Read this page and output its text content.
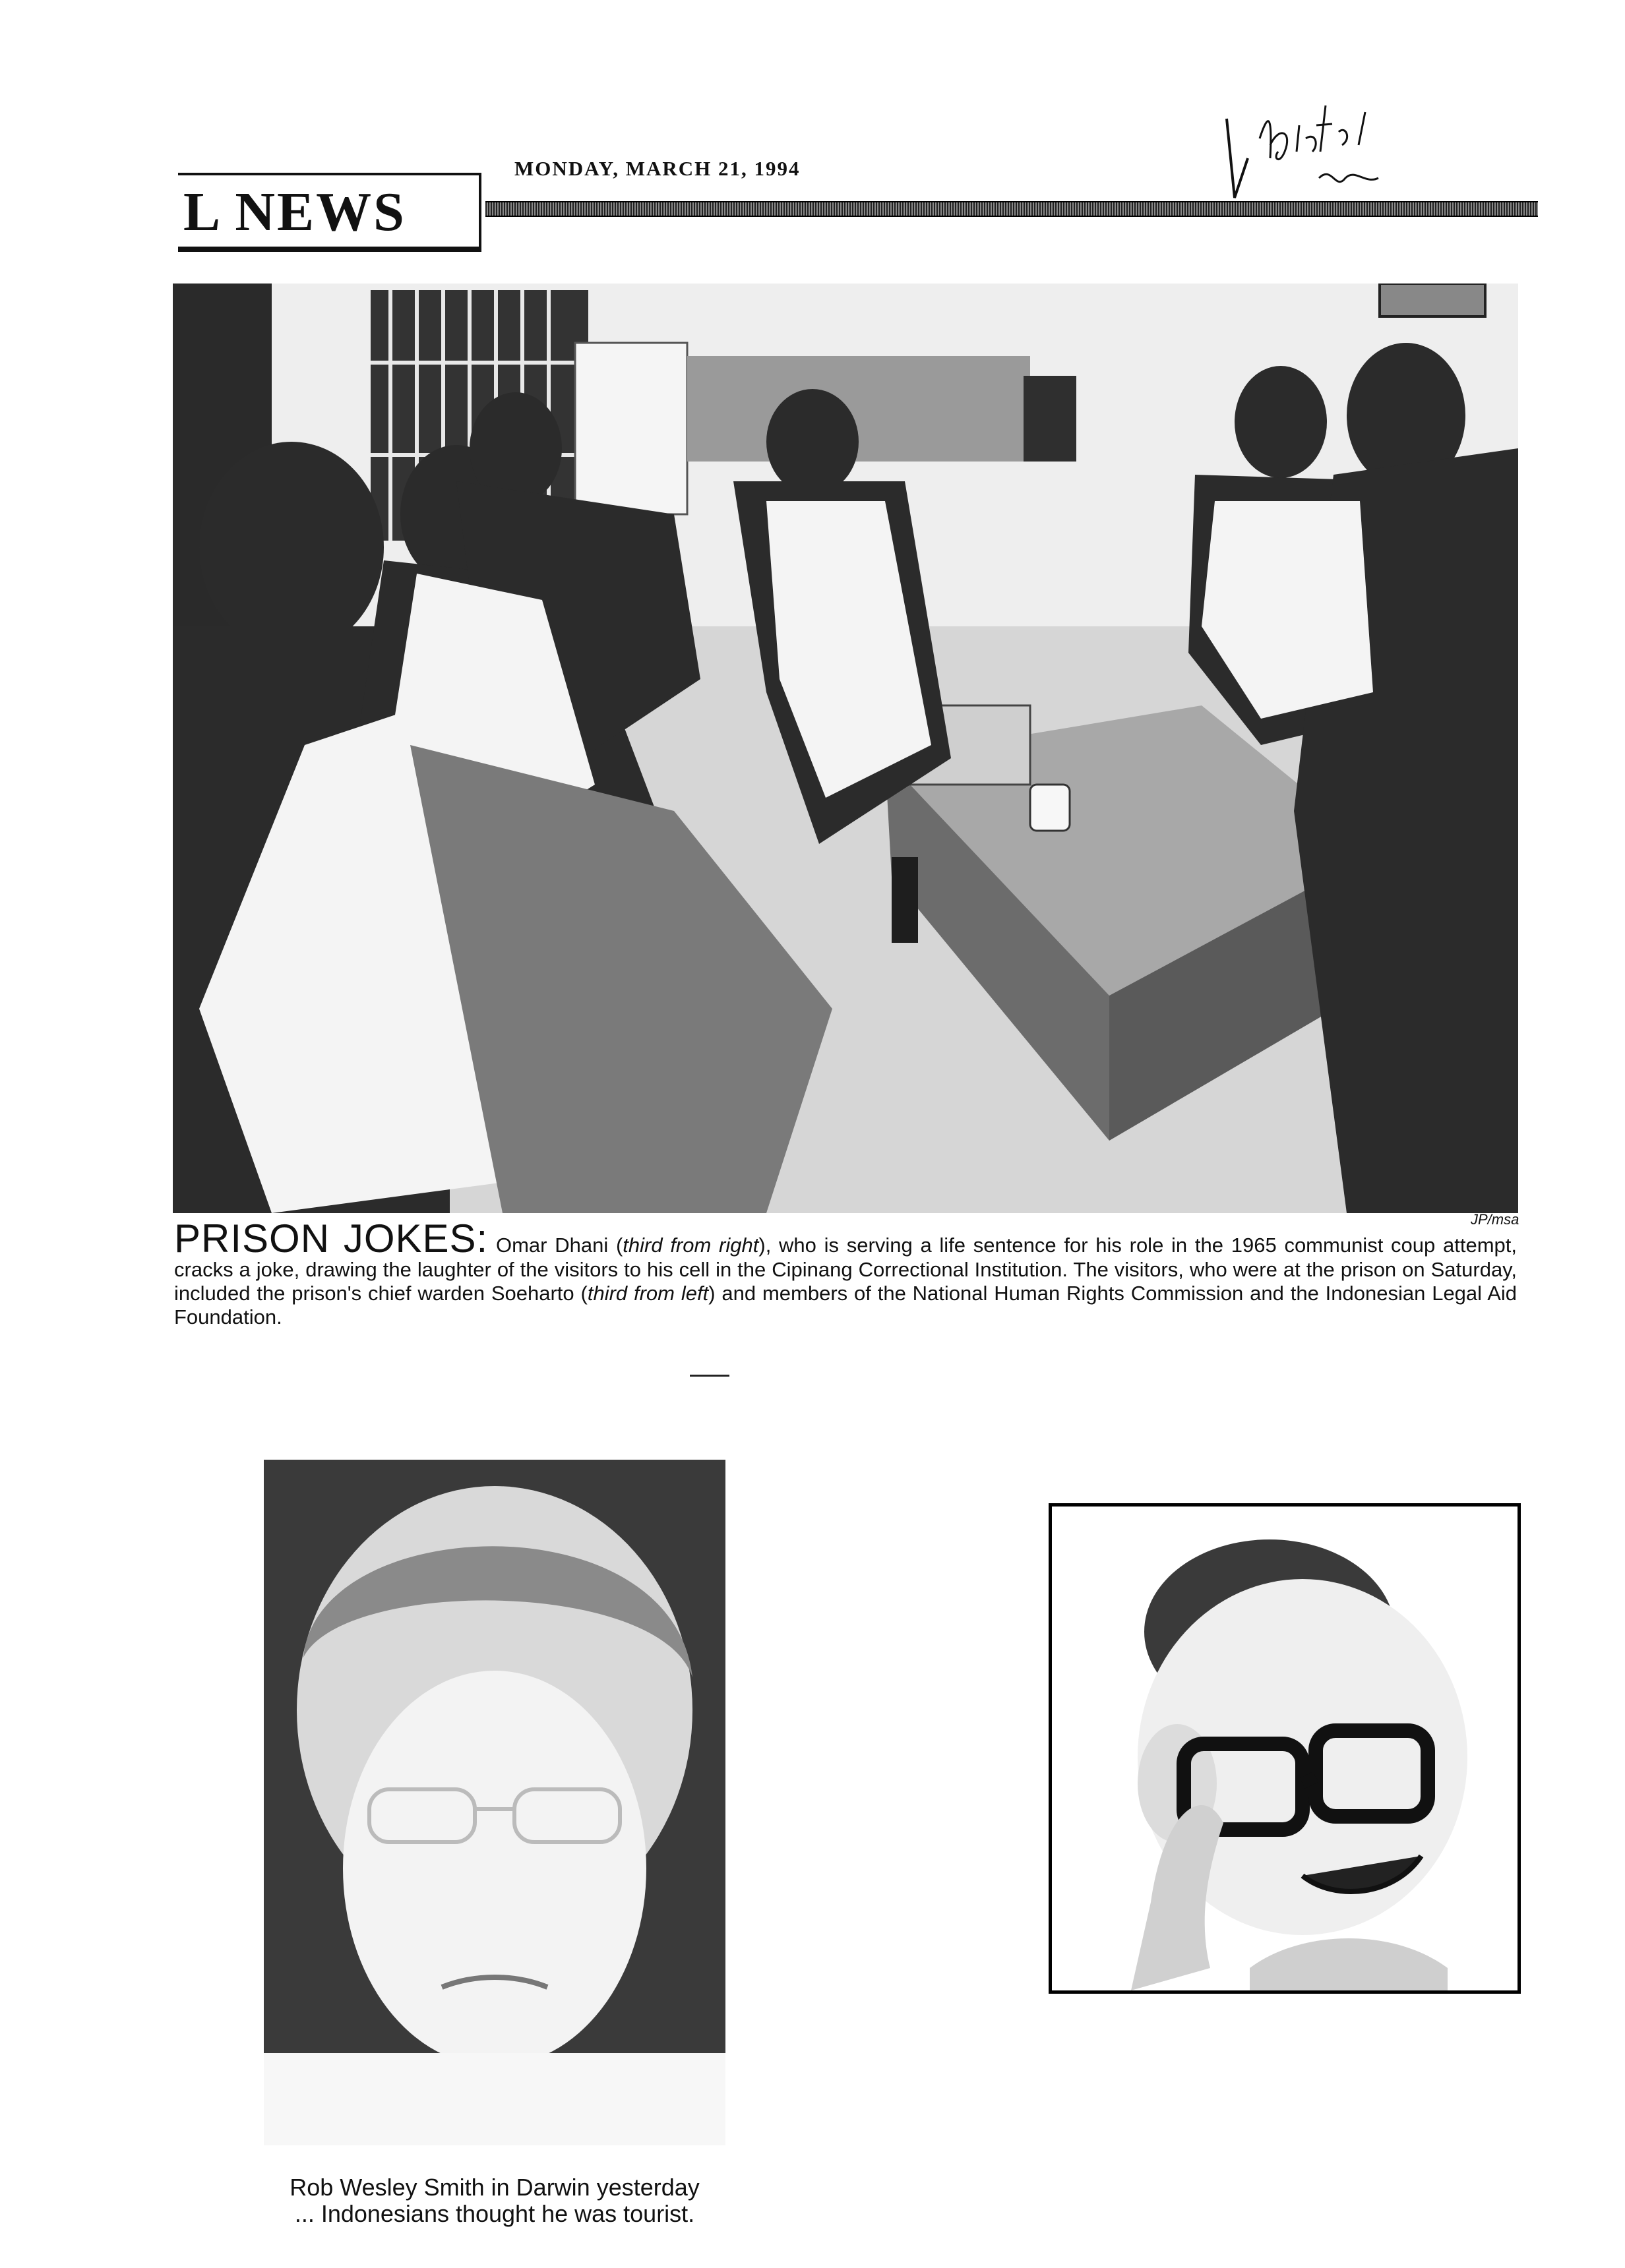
L NEWS
MONDAY, MARCH 21, 1994
JP/msa
PRISON JOKES: Omar Dhani (third from right), who is serving a life sentence for his role in the 1965 communist coup attempt, cracks a joke, drawing the laughter of the visitors to his cell in the Cipinang Correctional Institution. The visitors, who were at the prison on Saturday, included the prison's chief warden Soeharto (third from left) and members of the National Human Rights Commission and the Indonesian Legal Aid Foundation.
Rob Wesley Smith in Darwin yesterday
... Indonesians thought he was tourist.
